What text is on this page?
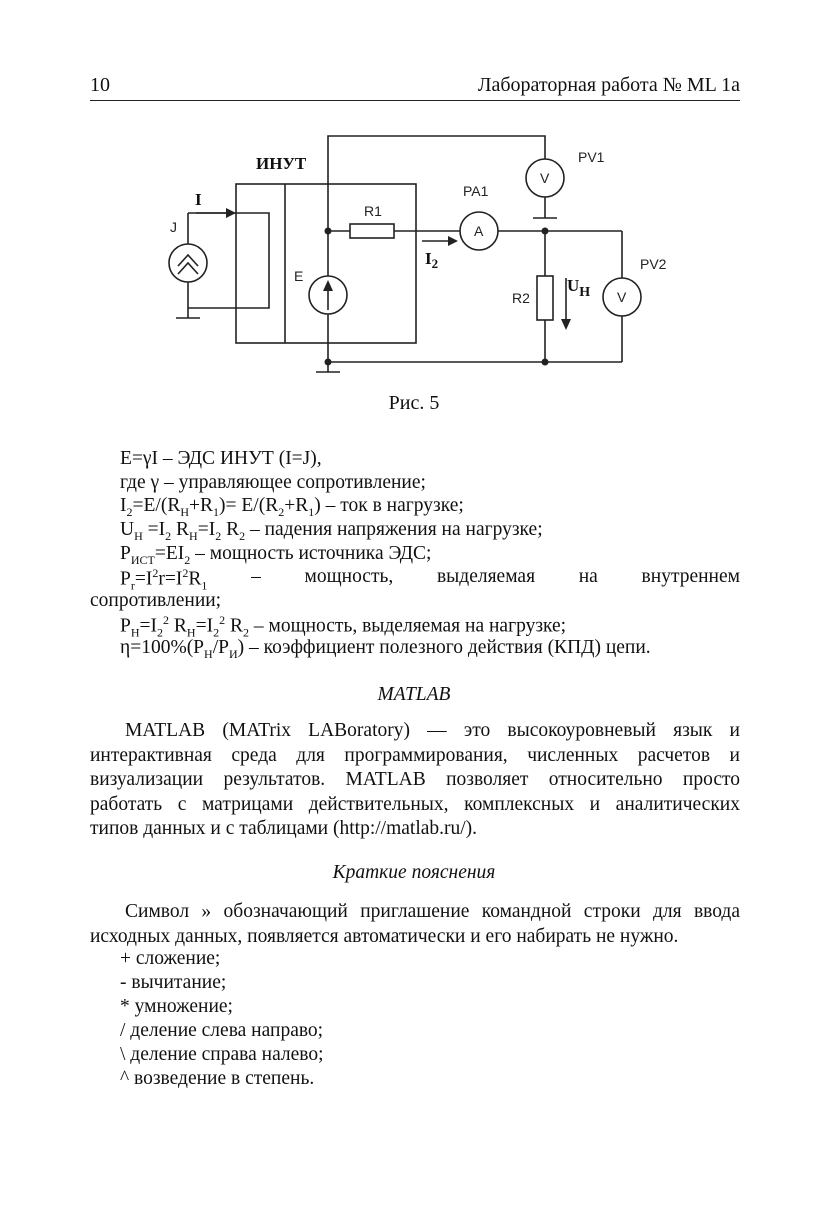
10	Лабораторная работа № ML 1a
ИНУТ
I
J
R1
E
PA1
A
PV1
V
$I_2$
R2
$U_H$
PV2
V
Рис. 5
E=γI – ЭДС ИНУТ (I=J),
где γ – управляющее сопротивление;
$I_2=E/(R_H+R_1)= E/(R_2+R_1)$ – ток в нагрузке;
$U_H =I_2$ $R_H=I_2$ $R_2$ – падения напряжения на нагрузке;
$P_{ИСТ}=EI_2$ – мощность источника ЭДС;
$P_r=I^2r=I^2R_1$ – мощность, выделяемая на внутреннем
сопротивлении;
$P_H=I_2^2$ $R_H=I_2^2$ $R_2$ – мощность, выделяемая на нагрузке;
$\eta=100\%(P_H/P_И)$ – коэффициент полезного действия (КПД) цепи.
MATLAB
MATLAB (MATrix LABoratory) — это высокоуровневый язык и
интерактивная среда для программирования, численных расчетов и
визуализации результатов. MATLAB позволяет относительно просто
работать с матрицами действительных, комплексных и аналитических
типов данных и с таблицами (http://matlab.ru/).
Краткие пояснения
Символ » обозначающий приглашение командной строки для ввода
исходных данных, появляется автоматически и его набирать не нужно.
+ сложение;
- вычитание;
* умножение;
/ деление слева направо;
\ деление справа налево;
^ возведение в степень.
